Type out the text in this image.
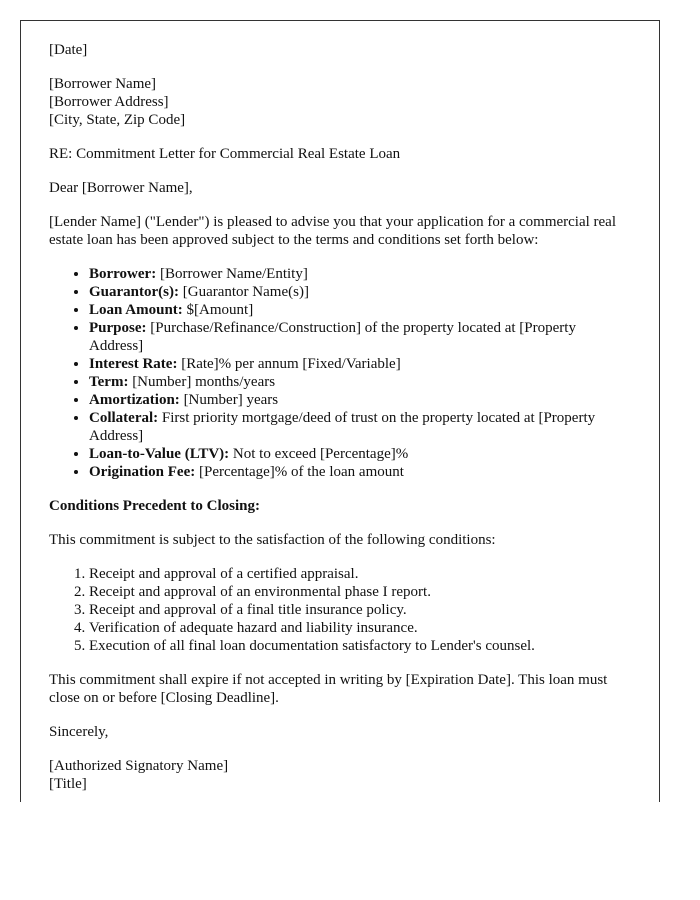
[Date]

[Borrower Name]
[Borrower Address]
[City, State, Zip Code]

RE: Commitment Letter for Commercial Real Estate Loan

Dear [Borrower Name],

[Lender Name] ("Lender") is pleased to advise you that your application for a commercial real estate loan has been approved subject to the terms and conditions set forth below:

• Borrower: [Borrower Name/Entity]
• Guarantor(s): [Guarantor Name(s)]
• Loan Amount: $[Amount]
• Purpose: [Purchase/Refinance/Construction] of the property located at [Property Address]
• Interest Rate: [Rate]% per annum [Fixed/Variable]
• Term: [Number] months/years
• Amortization: [Number] years
• Collateral: First priority mortgage/deed of trust on the property located at [Property Address]
• Loan-to-Value (LTV): Not to exceed [Percentage]%
• Origination Fee: [Percentage]% of the loan amount
Conditions Precedent to Closing:

This commitment is subject to the satisfaction of the following conditions:

1. Receipt and approval of a certified appraisal.
2. Receipt and approval of an environmental phase I report.
3. Receipt and approval of a final title insurance policy.
4. Verification of adequate hazard and liability insurance.
5. Execution of all final loan documentation satisfactory to Lender's counsel.

This commitment shall expire if not accepted in writing by [Expiration Date]. This loan must close on or before [Closing Deadline].

Sincerely,

[Authorized Signatory Name]
[Title]
